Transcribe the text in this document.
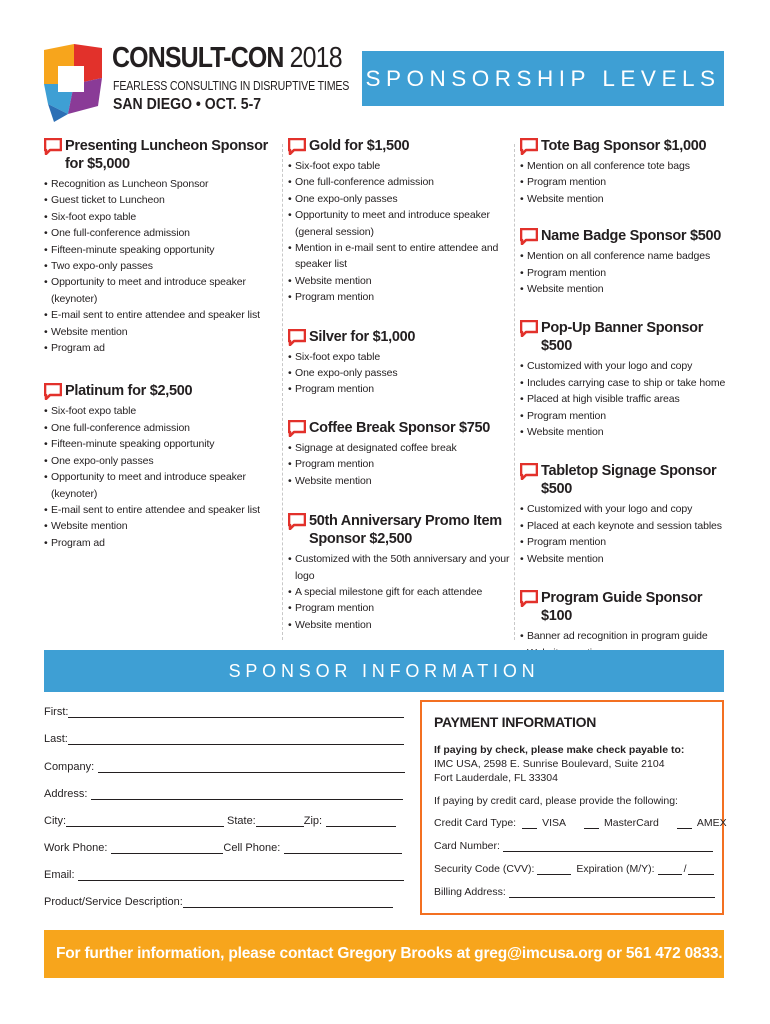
CONSULT-CON 2018
FEARLESS CONSULTING IN DISRUPTIVE TIMES
SAN DIEGO • OCT. 5-7
SPONSORSHIP LEVELS
Presenting Luncheon Sponsor for $5,000
• Recognition as Luncheon Sponsor
• Guest ticket to Luncheon
• Six-foot expo table
• One full-conference admission
• Fifteen-minute speaking opportunity
• Two expo-only passes
• Opportunity to meet and introduce speaker (keynoter)
• E-mail sent to entire attendee and speaker list
• Website mention
• Program ad
Platinum for $2,500
• Six-foot expo table
• One full-conference admission
• Fifteen-minute speaking opportunity
• One expo-only passes
• Opportunity to meet and introduce speaker (keynoter)
• E-mail sent to entire attendee and speaker list
• Website mention
• Program ad
Gold for $1,500
• Six-foot expo table
• One full-conference admission
• One expo-only passes
• Opportunity to meet and introduce speaker (general session)
• Mention in e-mail sent to entire attendee and speaker list
• Website mention
• Program mention
Silver for $1,000
• Six-foot expo table
• One expo-only passes
• Program mention
Coffee Break Sponsor $750
• Signage at designated coffee break
• Program mention
• Website mention
50th Anniversary Promo Item Sponsor $2,500
• Customized with the 50th anniversary and your logo
• A special milestone gift for each attendee
• Program mention
• Website mention
Tote Bag Sponsor $1,000
• Mention on all conference tote bags
• Program mention
• Website mention
Name Badge Sponsor $500
• Mention on all conference name badges
• Program mention
• Website mention
Pop-Up Banner Sponsor $500
• Customized with your logo and copy
• Includes carrying case to ship or take home
• Placed at high visible traffic areas
• Program mention
• Website mention
Tabletop Signage Sponsor $500
• Customized with your logo and copy
• Placed at each keynote and session tables
• Program mention
• Website mention
Program Guide Sponsor $100
• Banner ad recognition in program guide
•
SPONSOR INFORMATION
First:
Last:
Company:
Address:
City:	State:	Zip:
Work Phone:	Cell Phone:
Email:
Product/Service Description:
PAYMENT INFORMATION
If paying by check, please make check payable to:
IMC USA, 2598 E. Sunrise Boulevard, Suite 2104
Fort Lauderdale, FL 33304
If paying by credit card, please provide the following:
Credit Card Type: VISA	MasterCard	AMEX
Card Number:
Security Code (CVV):	Expiration (M/Y):	/
Billing Address:
For further information, please contact Gregory Brooks at greg@imcusa.org or 561 472 0833.
